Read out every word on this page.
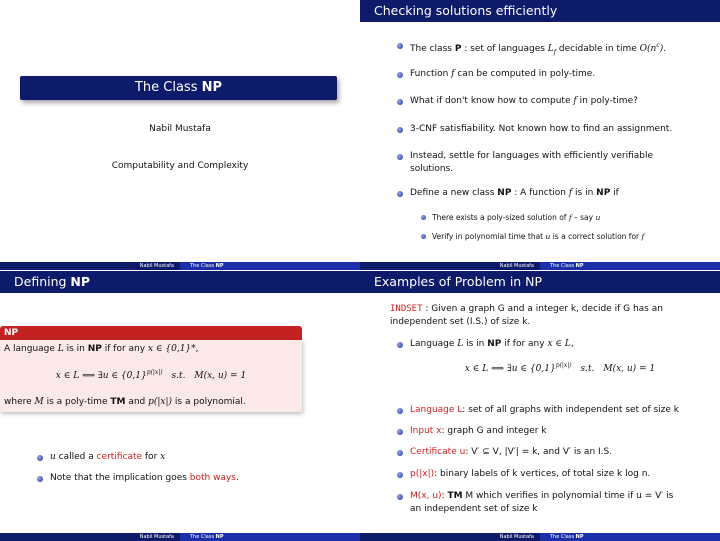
The Class NP
Nabil Mustafa
Computability and Complexity
Nabil Mustafa	The Class NP
Checking solutions efficiently
The class P : set of languages $L_f$ decidable in time $O(n^c)$.
Function f can be computed in poly-time.
What if don't know how to compute f in poly-time?
3-CNF satisfiability. Not known how to find an assignment.
Instead, settle for languages with efficiently verifiable
solutions.
Define a new class NP : A function f is in NP if
There exists a poly-sized solution of f – say u
Verify in polynomial time that u is a correct solution for f
Nabil Mustafa	The Class NP
Defining NP
NP
A language L is in NP if for any x ∈ {0,1}*,
x ∈ L ⟺ ∃u ∈ $\{0,1\}^{p(|x|)}$ s.t. M(x, u) = 1
where M is a poly-time TM and p(|x|) is a polynomial.
u called a certificate for x
Note that the implication goes both ways.
Nabil Mustafa	The Class NP
Examples of Problem in NP
INDSET : Given a graph G and a integer k, decide if G has an
independent set (I.S.) of size k.
Language L is in NP if for any x ∈ L,
x ∈ L ⟺ ∃u ∈ $\{0,1\}^{p(|x|)}$ s.t. M(x, u) = 1
Language L: set of all graphs with independent set of size k
Input x: graph G and integer k
Certificate u: V′ ⊆ V, |V′| = k, and V′ is an I.S.
p(|x|): binary labels of k vertices, of total size k log n.
M(x, u): TM M which verifies in polynomial time if u = V′ is
an independent set of size k
Nabil Mustafa	The Class NP
